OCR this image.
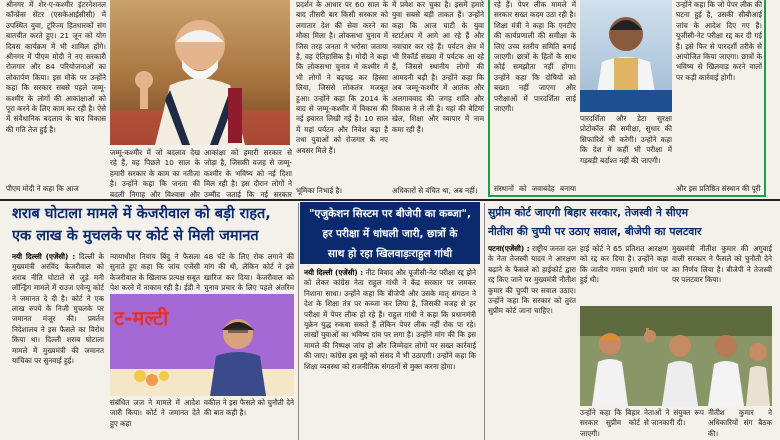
श्रीनगर में शेर-ए-कश्मीर इंटरनेशनल कॉन्फ्रेंस सेंटर (एसकेआईसीसी) में उपस्थित युवा, टूरिज्म हितधारकों संग बातचीत करते हुए। 21 जून को योग दिवस कार्यक्रम में भी शामिल होंगे। श्रीनगर में पीएम मोदी ने नए सरकारी रोजगार और 84 परियोजनाओं का लोकार्पण किया। इस मौके पर उन्होंने कहा कि सरकार सबसे पहले जम्मू-कश्मीर के लोगों की आकांक्षाओं को पूरा करने के लिए काम कर रही है। ऐसे में संवैधानिक बदलाव के बाद विकास की गति तेज हुई है।
पीएम मोदी ने कहा कि आज
जम्मू-कश्मीर में जो बदलाव देख रहे हैं, वह पिछले 10 साल के हमारी सरकार के काम का नतीजा है। उन्होंने कहा कि जनता की बदली निगाह और विश्वास और
आकांक्षा को हमारी सरकार से जोड़ा है, जिसकी वजह से जम्मू-कश्मीर के भविष्य को नई दिशा मिल रही है। इस दौरान लोगों ने उम्मीद जताई कि नई सरकार
प्रदर्शन के आधार पर 60 साल के बाद तीसरी बार किसी सरकार को लगातार देश की सेवा करने का मौका मिला है। लोकसभा चुनाव में जिस तरह जनता ने भरोसा जताया है, वह ऐतिहासिक है। मोदी ने कहा कि लोकसभा चुनाव में कश्मीर में भी लोगों ने बढ़चढ़ कर हिस्सा लिया, जिससे लोकतंत्र मजबूत हुआ। उन्होंने कहा कि 2014 के बाद से जम्मू-कश्मीर में विकास की नई इबारत लिखी गई है। 10 साल में यहां पर्यटन और निवेश बढ़ा है तथा युवाओं को रोजगार के नए अवसर मिले हैं।
भूमिका निभाई है।
में प्रवेश कर चुका है। इसमें हमारे युवा सबसे बड़ी ताकत हैं। उन्होंने कहा कि आज घाटी के युवा स्टार्टअप में आगे आ रहे हैं और नवाचार कर रहे हैं। पर्यटन क्षेत्र में भी रिकॉर्ड संख्या में पर्यटक आ रहे हैं, जिससे स्थानीय लोगों की आमदनी बढ़ी है। उन्होंने कहा कि अब जम्मू-कश्मीर में आतंक और अलगाववाद की जगह शांति और विकास ने ले ली है। यहां की बेटियां खेल, शिक्षा और व्यापार में नाम कमा रही हैं।
अधिकारों से वंचित था, अब नहीं।
रहे हैं। पेपर लीक मामले में सरकार सख्त कदम उठा रही है। शिक्षा मंत्री ने कहा कि एनटीए की कार्यप्रणाली की समीक्षा के लिए उच्च स्तरीय समिति बनाई जाएगी। छात्रों के हितों के साथ कोई समझौता नहीं होगा। उन्होंने कहा कि दोषियों को बख्शा नहीं जाएगा और परीक्षाओं में पारदर्शिता लाई जाएगी।
संस्थानों को जवाबदेह बनाया
पारदर्शिता और डेटा सुरक्षा प्रोटोकॉल की समीक्षा, सुधार की सिफारिशें भी करेगी। उन्होंने कहा कि देश में कहीं भी परीक्षा में गड़बड़ी बर्दाश्त नहीं की जाएगी।
उन्होंने कहा कि जो पेपर लीक की घटना हुई है, उसकी सीबीआई जांच के आदेश दिए गए हैं। यूजीसी-नेट परीक्षा रद्द कर दी गई है। इसे फिर से पारदर्शी तरीके से आयोजित किया जाएगा। छात्रों के भविष्य से खिलवाड़ करने वालों पर कड़ी कार्रवाई होगी।
और इस प्रतिष्ठित संस्थान की पूरी
शराब घोटाला मामले में केजरीवाल को बड़ी राहत,
एक लाख के मुचलके पर कोर्ट से मिली जमानत
नयी दिल्ली (एजेंसी) : दिल्ली के मुख्यमंत्री अरविंद केजरीवाल को शराब नीति घोटाले से जुड़े मनी लॉन्ड्रिंग मामले में राउज एवेन्यू कोर्ट ने जमानत दे दी है। कोर्ट ने एक लाख रुपये के निजी मुचलके पर जमानत मंजूर की। प्रवर्तन निदेशालय ने इस फैसले का विरोध किया था। दिल्ली शराब घोटाला मामले में मुख्यमंत्री की जमानत याचिका पर सुनवाई हुई।
न्यायाधीश नियाय बिंदु ने फैसला सुनाते हुए कहा कि जांच एजेंसी केजरीवाल के खिलाफ प्रत्यक्ष सबूत पेश करने में नाकाम रही है। ईडी ने
48 घंटे के लिए रोक लगाने की मांग की थी, लेकिन कोर्ट ने इसे खारिज कर दिया। केजरीवाल को चुनाव प्रचार के लिए पहले अंतरिम
ट-मल्टी
संबंधित जज ने मामले में आदेश जारी किया। कोर्ट ने जमानत देते हुए कहा
वकील ने इस फैसले को चुनौती देने की बात कही है।
"एजुकेशन सिस्टम पर बीजेपी का कब्जा",
हर परीक्षा में धांधली जारी, छात्रों के
साथ हो रहा खिलवाड़ःराहुल गांधी
नयी दिल्ली (एजेंसी) : नीट विवाद और यूजीसी-नेट परीक्षा रद्द होने को लेकर कांग्रेस नेता राहुल गांधी ने केंद्र सरकार पर जमकर निशाना साधा। उन्होंने कहा कि बीजेपी और उसके मातृ संगठन ने देश के शिक्षा तंत्र पर कब्जा कर लिया है, जिसकी वजह से हर परीक्षा में पेपर लीक हो रहे हैं। राहुल गांधी ने कहा कि प्रधानमंत्री यूक्रेन युद्ध रुकवा सकते हैं लेकिन पेपर लीक नहीं रोक पा रहे। लाखों युवाओं का भविष्य दांव पर लगा है। उन्होंने मांग की कि इस मामले की निष्पक्ष जांच हो और जिम्मेदार लोगों पर सख्त कार्रवाई की जाए। कांग्रेस इस मुद्दे को संसद में भी उठाएगी। उन्होंने कहा कि शिक्षा व्यवस्था को राजनीतिक संगठनों से मुक्त करना होगा।
सुप्रीम कोर्ट जाएगी बिहार सरकार, तेजस्वी ने सीएम
नीतीश की चुप्पी पर उठाए सवाल, बीजेपी का पलटवार
पटना(एजेंसी) : राष्ट्रीय जनता दल के नेता तेजस्वी यादव ने आरक्षण बढ़ाने के फैसले को हाईकोर्ट द्वारा रद्द किए जाने पर मुख्यमंत्री नीतीश कुमार की चुप्पी पर सवाल उठाए। उन्होंने कहा कि सरकार को तुरंत सुप्रीम कोर्ट जाना चाहिए।
हाई कोर्ट ने 65 प्रतिशत आरक्षण को रद्द कर दिया है। उन्होंने कहा कि जातीय गणना हमारी मांग पर हुई थी।
मुख्यमंत्री नीतीश कुमार की अगुवाई वाली सरकार ने फैसले को चुनौती देने का निर्णय लिया है। बीजेपी ने तेजस्वी पर पलटवार किया।
उन्होंने कहा कि बिहार सरकार सुप्रीम कोर्ट जाएगी।
नेताओं ने संयुक्त रूप से जानकारी दी।
नीतीश कुमार ने अधिकारियों संग बैठक की।
